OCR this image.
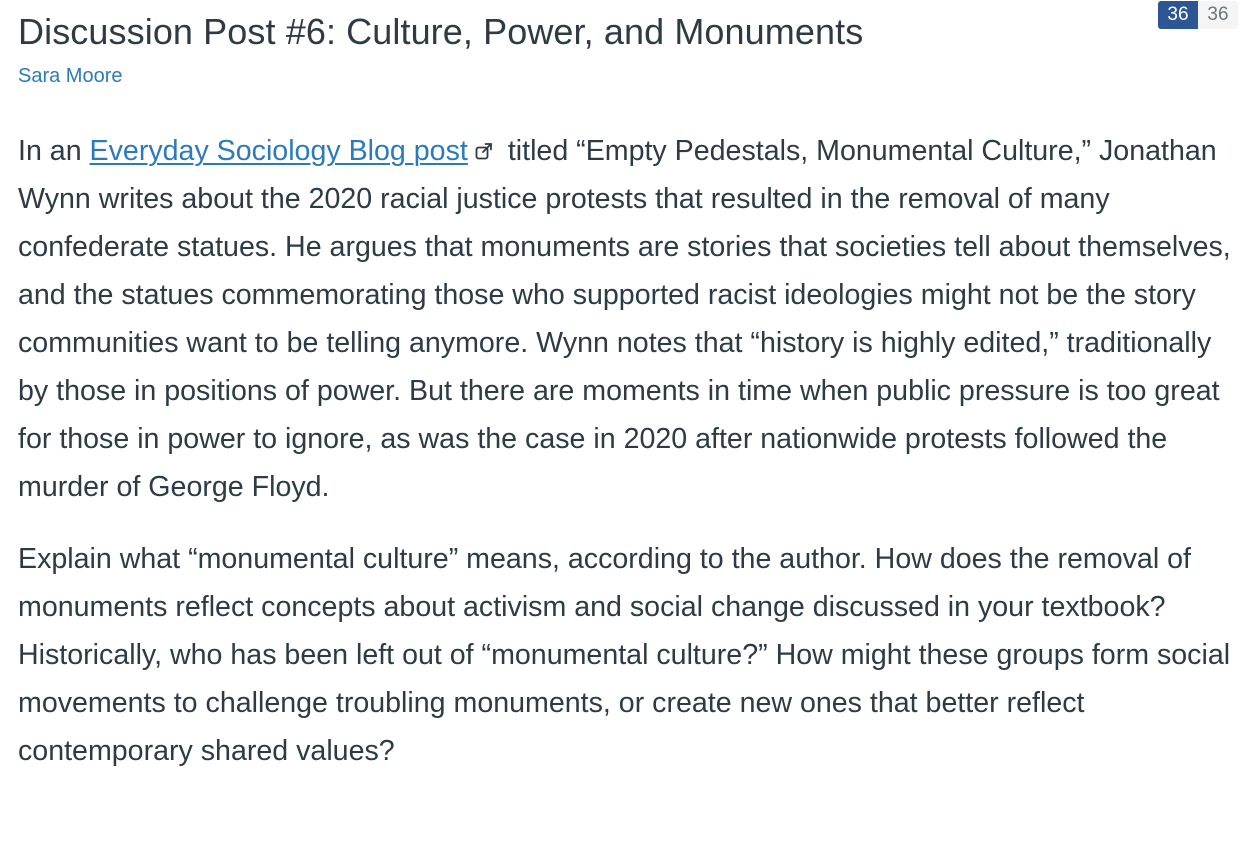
Discussion Post #6: Culture, Power, and Monuments
Sara Moore
36 36

In an Everyday Sociology Blog post titled “Empty Pedestals, Monumental Culture,” Jonathan Wynn writes about the 2020 racial justice protests that resulted in the removal of many confederate statues. He argues that monuments are stories that societies tell about themselves, and the statues commemorating those who supported racist ideologies might not be the story communities want to be telling anymore. Wynn notes that “history is highly edited,” traditionally by those in positions of power. But there are moments in time when public pressure is too great for those in power to ignore, as was the case in 2020 after nationwide protests followed the murder of George Floyd.

Explain what “monumental culture” means, according to the author. How does the removal of monuments reflect concepts about activism and social change discussed in your textbook? Historically, who has been left out of “monumental culture?” How might these groups form social movements to challenge troubling monuments, or create new ones that better reflect contemporary shared values?
